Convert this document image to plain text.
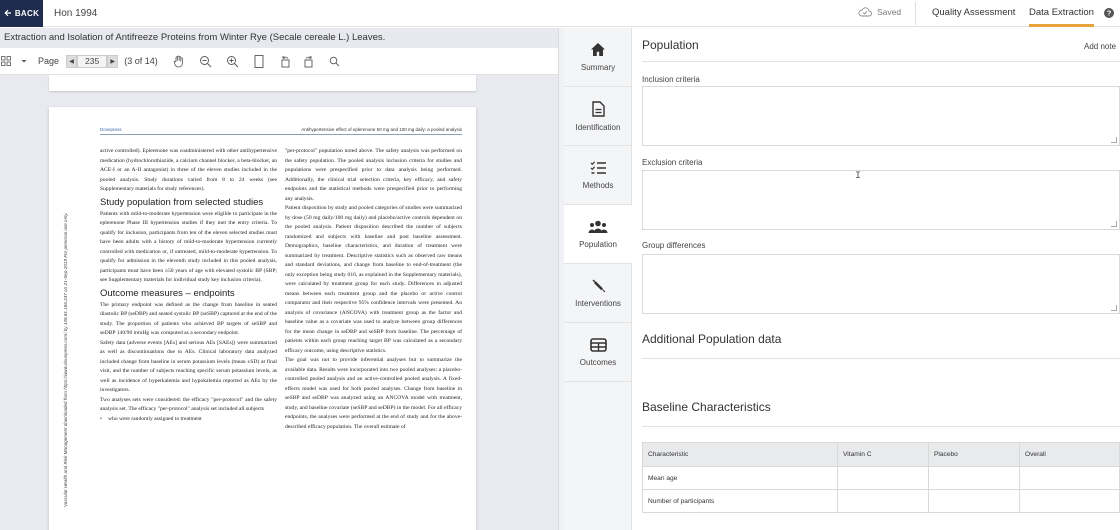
BACK Hon 1994	Saved	Quality Assessment Data Extraction ?
Extraction and Isolation of Antifreeze Proteins from Winter Rye (Secale cereale L.) Leaves.
Page	◀	235	▶	(3 of 14)
Dovepress	Antihypertensive effect of eplerenone 50 mg and 100 mg daily: a pooled analysis
Vascular Health and Risk Management downloaded from https://www.dovepress.com/ by 138.81.186.247 on 21-Sep-2019 For personal use only.

active controlled). Eplerenone was coadministered with other antihypertensive medication (hydrochlorothiazide, a calcium channel blocker, a beta-blocker, an ACE-I or an A-II antagonist) in three of the eleven studies included in the pooled analysis. Study durations varied from 8 to 24 weeks (see Supplementary materials for study references).

Study population from selected studies

Patients with mild-to-moderate hypertension were eligible to participate in the eplerenone Phase III hypertension studies if they met the entry criteria. To qualify for inclusion, participants from ten of the eleven selected studies must have been adults with a history of mild-to-moderate hypertension currently controlled with medication or, if untreated, mild-to-moderate hypertension. To qualify for admission in the eleventh study included in this pooled analysis, participants must have been ≥50 years of age with elevated systolic BP (SBP; see Supplementary materials for individual study key inclusion criteria).

Outcome measures – endpoints

The primary endpoint was defined as the change from baseline in seated diastolic BP (seDBP) and seated systolic BP (seSBP) captured at the end of the study. The proportion of patients who achieved BP targets of seSBP and seDBP 140/90 mmHg was computed as a secondary endpoint.

Safety data (adverse events [AEs] and serious AEs [SAEs]) were summarized as well as discontinuations due to AEs. Clinical laboratory data analyzed included change from baseline in serum potassium levels (mean ±SD) at final visit, and the number of subjects reaching specific serum potassium levels, as well as incidence of hyperkalemia and hypokalemia reported as AEs by the investigators.

Two analyses sets were considered: the efficacy "per-protocol" and the safety analysis set. The efficacy "per-protocol" analysis set included all subjects

• who were randomly assigned to treatment

"per-protocol" population noted above. The safety analysis was performed on the safety population. The pooled analysis inclusion criteria for studies and populations were prespecified prior to data analysis being performed. Additionally, the clinical trial selection criteria, key efficacy, and safety endpoints and the statistical methods were prespecified prior to performing any analysis.

Patient disposition by study and pooled categories of studies were summarized by dose (50 mg daily/100 mg daily) and placebo/active controls dependent on the pooled analysis. Patient disposition described the number of subjects randomized and subjects with baseline and post baseline assessment. Demographics, baseline characteristics, and duration of treatment were summarized by treatment. Descriptive statistics such as observed raw means and standard deviations, and change from baseline to end-of-treatment (the only exception being study 016, as explained in the Supplementary materials), were calculated by treatment group for each study. Differences in adjusted means between each treatment group and the placebo or active control comparator and their respective 95% confidence intervals were presented. An analysis of covariance (ANCOVA) with treatment group as the factor and baseline value as a covariate was used to analyze between group differences for the mean change in seDBP and seSBP from baseline. The percentage of patients within each group reaching target BP was calculated as a secondary efficacy outcome, using descriptive statistics.

The goal was not to provide inferential analyses but to summarize the available data. Results were incorporated into two pooled analyses: a placebo-controlled pooled analysis and an active-controlled pooled analysis. A fixed-effects model was used for both pooled analyses. Change from baseline in seSBP and seDBP was analyzed using an ANCOVA model with treatment, study, and baseline covariate (seSBP and seDBP) in the model. For all efficacy endpoints, the analyses were performed at the end of study and for the above-described efficacy population. The overall estimate of

Summary
Identification
Methods
Population
Interventions
Outcomes
Population	Add note
Inclusion criteria
Exclusion criteria
Group differences
Additional Population data
Baseline Characteristics
Characteristic	Vitamin C	Placebo	Overall
Mean age			
Number of participants			
I
